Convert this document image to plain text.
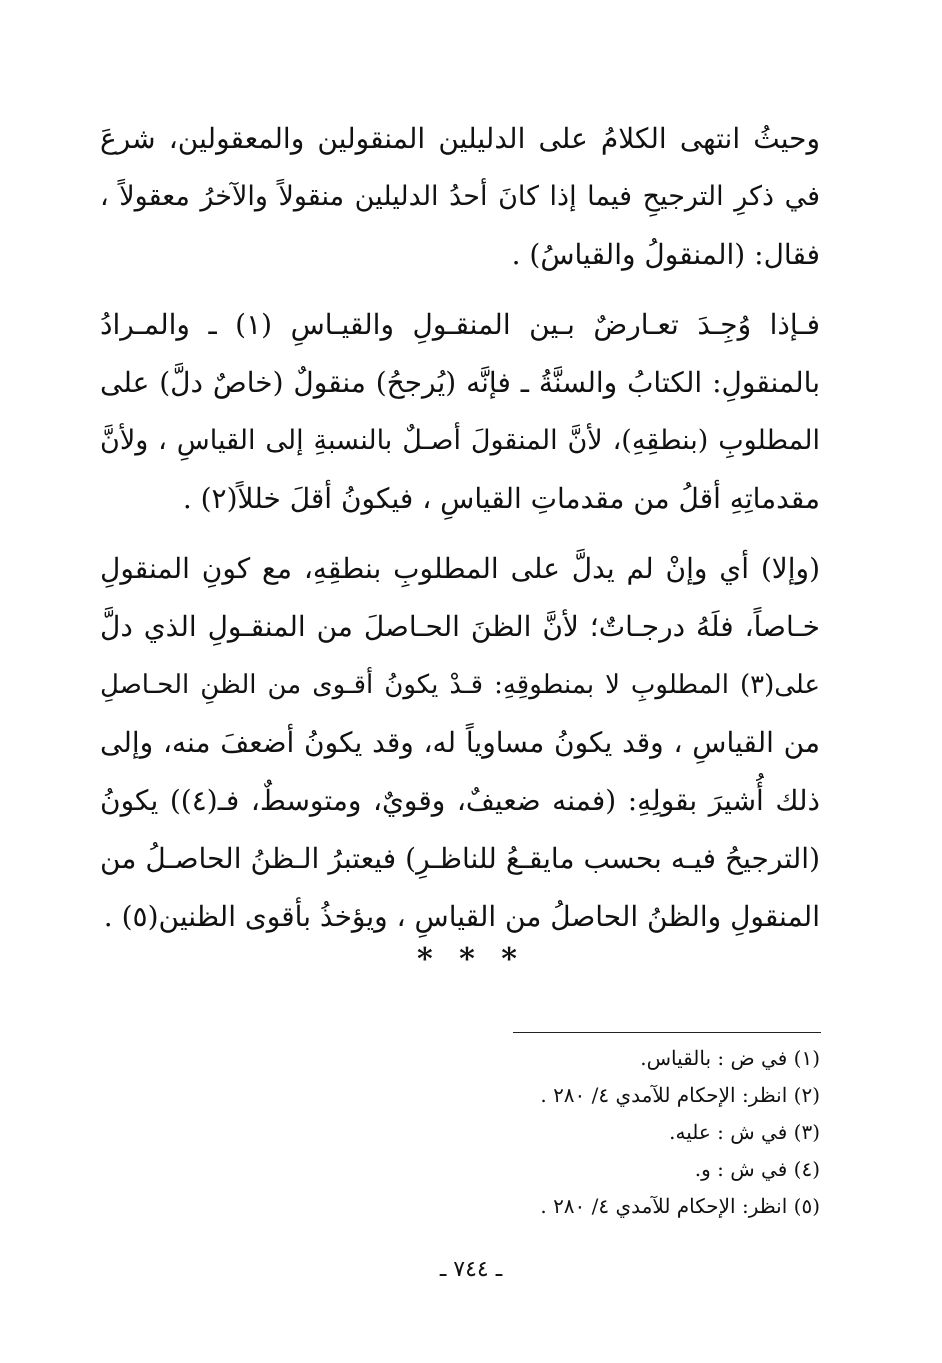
وحيثُ انتهى الكلامُ على الدليلين المنقولين والمعقولين، شرعَ
في ذكرِ الترجيحِ فيما إذا كانَ أحدُ الدليلين منقولاً والآخرُ معقولاً ،
فقال: (المنقولُ والقياسُ) .
فـإذا وُجِـدَ تعـارضٌ بـين المنقـولِ والقيـاسِ (١) ـ والمـرادُ
بالمنقولِ: الكتابُ والسنَّةُ ـ فإنَّه (يُرجحُ) منقولٌ (خاصٌ دلَّ) على
المطلوبِ (بنطقِهِ)، لأنَّ المنقولَ أصـلٌ بالنسبةِ إلى القياسِ ، ولأنَّ
مقدماتِهِ أقلُ من مقدماتِ القياسِ ، فيكونُ أقلَ خللاً(٢) .
(وإلا) أي وإنْ لم يدلَّ على المطلوبِ بنطقِهِ، مع كونِ المنقولِ
خـاصاً، فلَهُ درجـاتٌ؛ لأنَّ الظنَ الحـاصلَ من المنقـولِ الذي دلَّ
على(٣) المطلوبِ لا بمنطوقِهِ: قـدْ يكونُ أقـوى من الظنِ الحـاصلِ
من القياسِ ، وقد يكونُ مساوياً له، وقد يكونُ أضعفَ منه، وإلى
ذلك أُشيرَ بقولِهِ: (فمنه ضعيفٌ، وقويٌ، ومتوسطٌ، فـ(٤)) يكونُ
(الترجيحُ فيـه بحسب مايقـعُ للناظـرِ) فيعتبرُ الـظنُ الحاصـلُ من
المنقولِ والظنُ الحاصلُ من القياسِ ، ويؤخذُ بأقوى الظنين(٥) .
* * *
(١) في ض : بالقياس.
(٢) انظر: الإحكام للآمدي ٤/ ٢٨٠ .
(٣) في ش : عليه.
(٤) في ش : و.
(٥) انظر: الإحكام للآمدي ٤/ ٢٨٠ .
ـ ٧٤٤ ـ
